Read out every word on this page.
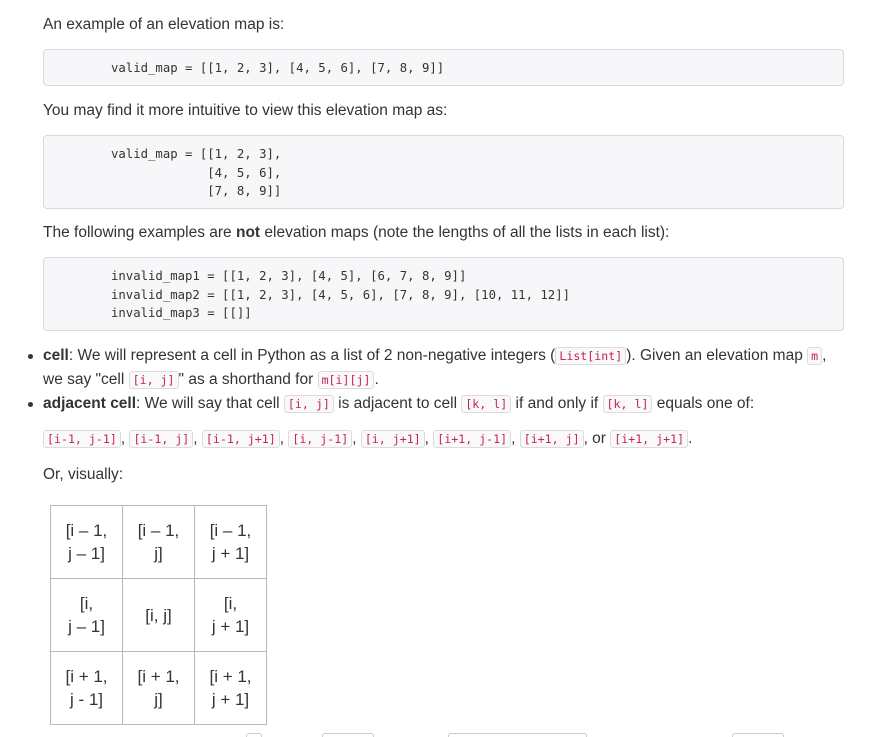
An example of an elevation map is:

valid_map = [[1, 2, 3], [4, 5, 6], [7, 8, 9]]

You may find it more intuitive to view this elevation map as:

valid_map = [[1, 2, 3],
[4, 5, 6],
[7, 8, 9]]

The following examples are not elevation maps (note the lengths of all the lists in each list):

invalid_map1 = [[1, 2, 3], [4, 5], [6, 7, 8, 9]]
invalid_map2 = [[1, 2, 3], [4, 5, 6], [7, 8, 9], [10, 11, 12]]
invalid_map3 = [[]]
cell: We will represent a cell in Python as a list of 2 non-negative integers ( List[int] ). Given an elevation map m , we say "cell [i, j] " as a shorthand for m[i][j] .
adjacent cell: We will say that cell [i, j] is adjacent to cell [k, l] if and only if [k, l] equals one of:
[i-1, j-1] , [i-1, j] , [i-1, j+1] , [i, j-1] , [i, j+1] , [i+1, j-1] , [i+1, j] , or [i+1, j+1] .

Or, visually:

[i – 1,
j – 1]	[i – 1,
j]	[i – 1,
j + 1]
[i,
j – 1]	[i, j]	[i,
j + 1]
[i + 1,
j - 1]	[i + 1,
j]	[i + 1,
j + 1]
